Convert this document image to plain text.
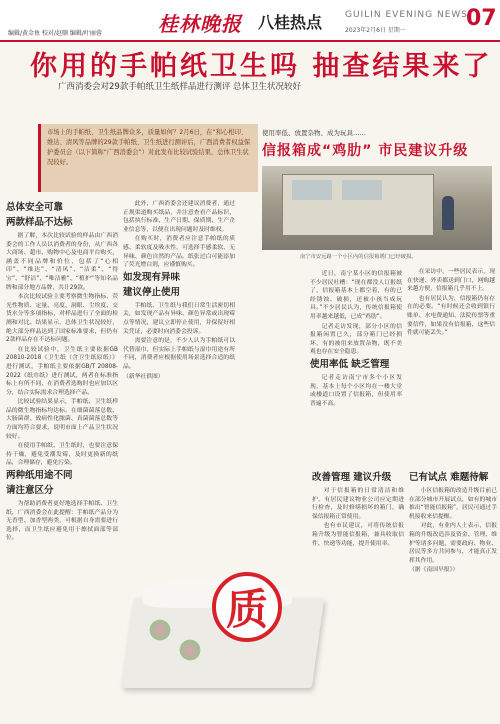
编辑/黄金鱼 校对/赵顺 编辑/叶丽蓉	桂林晚报 八桂热点	GUILIN EVENING NEWS
2023年2月6日 星期一	07
你用的手帕纸卫生吗 抽查结果来了
广西消委会对29款手帕纸卫生纸样品进行测评 总体卫生状况较好
市场上的手帕纸、卫生纸品牌众多，质量如何？2月6日，在“和心相印、维达、清风等品牌的29款手帕纸、卫生纸进行测评后，广西消费者权益保护委员会（以下简称“广西消委会”）对此发布比较试验结果，总体卫生状况较好。
总体安全可靠
两款样品不达标

据了解，本次比较试验的样品由广西消委会的工作人员以消费者的身份，从广西各大商场、超市、购物中心及电商平台购买，涵盖不同品牌和价位，包括了“心相印”、“维达”、“清风”、“洁柔”、“得宝”、“舒洁”、“唯洁雅”、“植护”等知名品牌和部分地方品牌，共计29款。

本次比较试验主要考察微生物指标、荧光性物质、定量、亮度、洞眼、尘埃度、交货水分等多项指标，对样品进行了全面的检测和对比。结果显示，总体卫生状况较好，绝大部分样品达到了国家标准要求，但仍有2款样品存在不达标问题。

在比较试验中，卫生纸主要依据GB 20810-2018《卫生纸（含卫生纸原纸）》进行测试，手帕纸主要依据GB/T 20808-2022《纸巾纸》进行测试，两者在标准指标上有所不同，在消费者选购时也应加以区分，结合实际需求合理选择产品。

比较试验结果显示，手帕纸、卫生纸样品的微生物指标均达标。在细菌菌落总数、大肠菌群、致病性化脓菌、真菌菌落总数等方面均符合要求，说明市面上产品卫生状况较好。

在使用手帕纸、卫生纸时，也要注意保持干燥，避免受潮发霉，及时更换新的纸品，合理储存，避免污染。

两种纸用途不同
请注意区分

为帮助消费者更好地选择手帕纸、卫生纸，广西消委会在此提醒：手帕纸产品分为无香型、加香型两类，可根据自身需要进行选择，而卫生纸应避免用于擦拭面部等部位。

此外，广西消委会还建议消费者，通过正规渠道购买纸品，并注意查看产品标识，包括执行标准、生产日期、保质期、生产企业信息等，以便在出现问题时及时维权。

在购买时，消费者应注意手帕纸的质感、柔软度及吸水性，可选择手感柔软、无异味、颜色自然的产品。纸张过白可能添加了荧光增白剂，应谨慎购买。

如发现有异味
建议停止使用

手帕纸、卫生纸与我们日常生活密切相关，如发现产品有异味、颜色异常或出现霉点等情况，建议立即停止使用，并保留好相关凭证，必要时向消委会投诉。

需要注意的是，不少人认为手帕纸可以代替湿巾，但实际上手帕纸与湿巾用途有所不同，消费者应根据使用场景选择合适的纸品。

（新华社供图）
质
使用率低、放置杂物、成为玩具……
信报箱成“鸡肋” 市民建议升级
南宁市安远路一个小区内的信报箱锈门已经破损。

近日，南宁某小区的信报箱被不少居民吐槽：“现在都没人订报纸了，信报箱基本上都空着，有的已经锈蚀、破损，还被小孩当成玩具。”不少居民认为，传统信报箱使用率越来越低，已成“鸡肋”。

记者走访发现，部分小区的信报箱闲置已久，部分箱门已经损坏，有的被用来放置杂物，既不美观也存在安全隐患。

使用率低 缺乏管理

记者走访南宁市多个小区发现，基本上每个小区均在一楼大堂或楼道口设置了信报箱，但使用率普遍不高。

在采访中，一些居民表示，现在快递、外卖都送到门口，网购越来越方便，信报箱几乎用不上。

也有居民认为，信报箱仍有存在的必要。“有时候还会收到银行账单、水电费通知、法院传票等重要信件，如果没有信报箱，这些信件就可能丢失。”

改善管理 建议升级

对于信报箱的日常清洁和维护，有居民建议物业公司应定期进行检查，及时修缮损坏的箱门，确保信报箱正常使用。

也有市民建议，可将传统信报箱升级为智能信报箱，兼具收取信件、快递等功能，提升使用率。

已有试点 难题待解

小区信报箱的改造升级目前已在部分城市开展试点，如有的城市推出“智能信报箱”，居民可通过手机接收来信提醒。

对此，有业内人士表示，信报箱的升级改造涉及资金、管理、维护等诸多问题，需要政府、物业、居民等多方共同参与，才能真正发挥其作用。

（据《南国早报》）
